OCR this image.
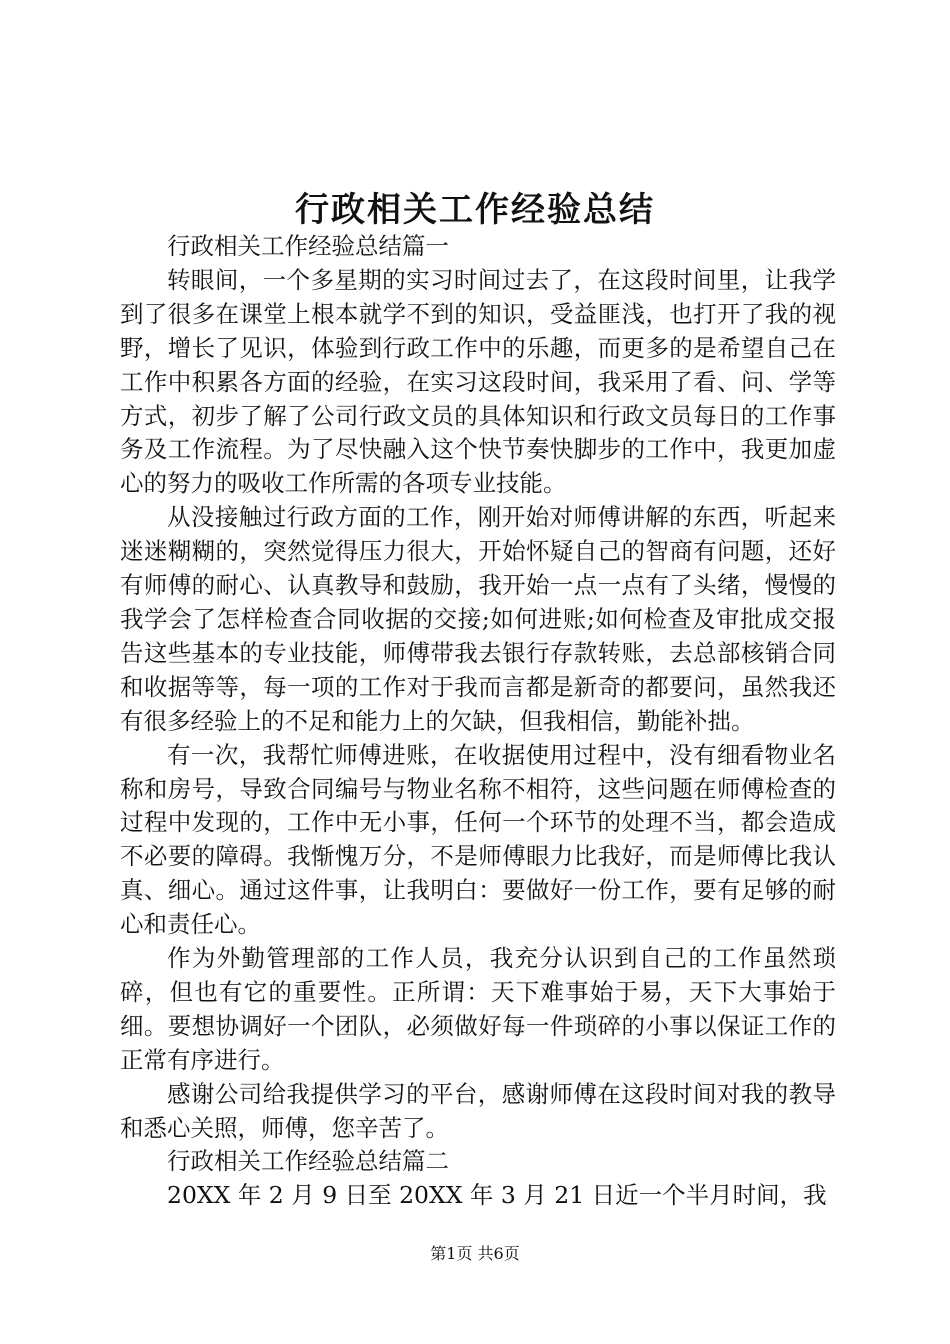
行政相关工作经验总结

行政相关工作经验总结篇一

转眼间，一个多星期的实习时间过去了，在这段时间里，让我学到了很多在课堂上根本就学不到的知识，受益匪浅，也打开了我的视野，增长了见识，体验到行政工作中的乐趣，而更多的是希望自己在工作中积累各方面的经验，在实习这段时间，我采用了看、问、学等方式，初步了解了公司行政文员的具体知识和行政文员每日的工作事务及工作流程。为了尽快融入这个快节奏快脚步的工作中，我更加虚心的努力的吸收工作所需的各项专业技能。

从没接触过行政方面的工作，刚开始对师傅讲解的东西，听起来迷迷糊糊的，突然觉得压力很大，开始怀疑自己的智商有问题，还好有师傅的耐心、认真教导和鼓励，我开始一点一点有了头绪，慢慢的我学会了怎样检查合同收据的交接;如何进账;如何检查及审批成交报告这些基本的专业技能，师傅带我去银行存款转账，去总部核销合同和收据等等，每一项的工作对于我而言都是新奇的都要问，虽然我还有很多经验上的不足和能力上的欠缺，但我相信，勤能补拙。

有一次，我帮忙师傅进账，在收据使用过程中，没有细看物业名称和房号，导致合同编号与物业名称不相符，这些问题在师傅检查的过程中发现的，工作中无小事，任何一个环节的处理不当，都会造成不必要的障碍。我惭愧万分，不是师傅眼力比我好，而是师傅比我认真、细心。通过这件事，让我明白：要做好一份工作，要有足够的耐心和责任心。

作为外勤管理部的工作人员，我充分认识到自己的工作虽然琐碎，但也有它的重要性。正所谓：天下难事始于易，天下大事始于细。要想协调好一个团队，必须做好每一件琐碎的小事以保证工作的正常有序进行。

感谢公司给我提供学习的平台，感谢师傅在这段时间对我的教导和悉心关照，师傅，您辛苦了。

行政相关工作经验总结篇二

20XX 年 2 月 9 日至 20XX 年 3 月 21 日近一个半月时间，我

第1页 共6页
